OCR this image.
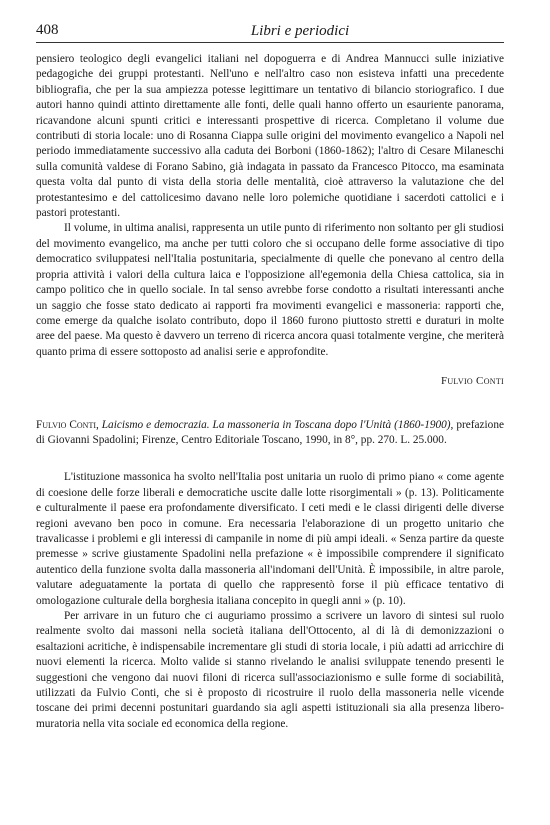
408	Libri e periodici

pensiero teologico degli evangelici italiani nel dopoguerra e di Andrea Mannucci sulle iniziative pedagogiche dei gruppi protestanti. Nell'uno e nell'altro caso non esisteva infatti una precedente bibliografia, che per la sua ampiezza potesse legittimare un tentativo di bilancio storiografico. I due autori hanno quindi attinto direttamente alle fonti, delle quali hanno offerto un esauriente panorama, ricavandone alcuni spunti critici e interessanti prospettive di ricerca. Completano il volume due contributi di storia locale: uno di Rosanna Ciappa sulle origini del movimento evangelico a Napoli nel periodo immediatamente successivo alla caduta dei Borboni (1860-1862); l'altro di Cesare Milaneschi sulla comunità valdese di Forano Sabino, già indagata in passato da Francesco Pitocco, ma esaminata questa volta dal punto di vista della storia delle mentalità, cioè attraverso la valutazione che del protestantesimo e del cattolicesimo davano nelle loro polemiche quotidiane i sacerdoti cattolici e i pastori protestanti.

Il volume, in ultima analisi, rappresenta un utile punto di riferimento non soltanto per gli studiosi del movimento evangelico, ma anche per tutti coloro che si occupano delle forme associative di tipo democratico sviluppatesi nell'Italia postunitaria, specialmente di quelle che ponevano al centro della propria attività i valori della cultura laica e l'opposizione all'egemonia della Chiesa cattolica, sia in campo politico che in quello sociale. In tal senso avrebbe forse condotto a risultati interessanti anche un saggio che fosse stato dedicato ai rapporti fra movimenti evangelici e massoneria: rapporti che, come emerge da qualche isolato contributo, dopo il 1860 furono piuttosto stretti e duraturi in molte aree del paese. Ma questo è davvero un terreno di ricerca ancora quasi totalmente vergine, che meriterà quanto prima di essere sottoposto ad analisi serie e approfondite.

Fulvio Conti

Fulvio Conti, Laicismo e democrazia. La massoneria in Toscana dopo l'Unità (1860-1900), prefazione di Giovanni Spadolini; Firenze, Centro Editoriale Toscano, 1990, in 8°, pp. 270. L. 25.000.

L'istituzione massonica ha svolto nell'Italia post unitaria un ruolo di primo piano « come agente di coesione delle forze liberali e democratiche uscite dalle lotte risorgimentali » (p. 13). Politicamente e culturalmente il paese era profondamente diversificato. I ceti medi e le classi dirigenti delle diverse regioni avevano ben poco in comune. Era necessaria l'elaborazione di un progetto unitario che travalicasse i problemi e gli interessi di campanile in nome di più ampi ideali. « Senza partire da queste premesse » scrive giustamente Spadolini nella prefazione « è impossibile comprendere il significato autentico della funzione svolta dalla massoneria all'indomani dell'Unità. È impossibile, in altre parole, valutare adeguatamente la portata di quello che rappresentò forse il più efficace tentativo di omologazione culturale della borghesia italiana concepito in quegli anni » (p. 10).

Per arrivare in un futuro che ci auguriamo prossimo a scrivere un lavoro di sintesi sul ruolo realmente svolto dai massoni nella società italiana dell'Ottocento, al di là di demonizzazioni o esaltazioni acritiche, è indispensabile incrementare gli studi di storia locale, i più adatti ad arricchire di nuovi elementi la ricerca. Molto valide si stanno rivelando le analisi sviluppate tenendo presenti le suggestioni che vengono dai nuovi filoni di ricerca sull'associazionismo e sulle forme di sociabilità, utilizzati da Fulvio Conti, che si è proposto di ricostruire il ruolo della massoneria nelle vicende toscane dei primi decenni postunitari guardando sia agli aspetti istituzionali sia alla presenza libero-muratoria nella vita sociale ed economica della regione.
